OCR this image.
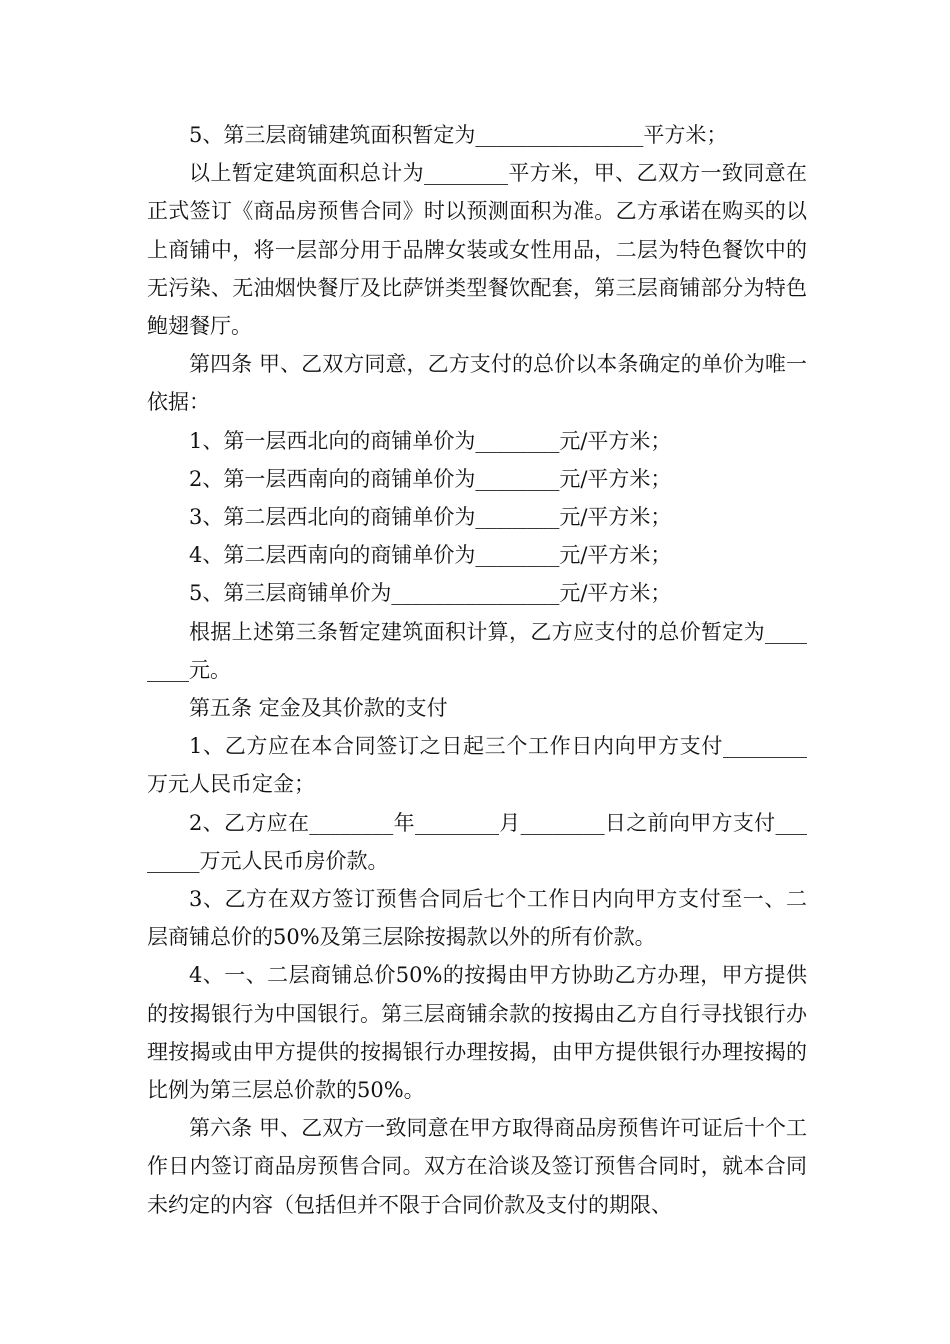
5、第三层商铺建筑面积暂定为________________平方米；

以上暂定建筑面积总计为________平方米，甲、乙双方一致同意在正式签订《商品房预售合同》时以预测面积为准。乙方承诺在购买的以上商铺中，将一层部分用于品牌女装或女性用品，二层为特色餐饮中的无污染、无油烟快餐厅及比萨饼类型餐饮配套，第三层商铺部分为特色鲍翅餐厅。

第四条 甲、乙双方同意，乙方支付的总价以本条确定的单价为唯一依据：

1、第一层西北向的商铺单价为________元/平方米；

2、第一层西南向的商铺单价为________元/平方米；

3、第二层西北向的商铺单价为________元/平方米；

4、第二层西南向的商铺单价为________元/平方米；

5、第三层商铺单价为________________元/平方米；

根据上述第三条暂定建筑面积计算，乙方应支付的总价暂定为________元。

第五条 定金及其价款的支付

1、乙方应在本合同签订之日起三个工作日内向甲方支付________万元人民币定金；

2、乙方应在________年________月________日之前向甲方支付________万元人民币房价款。

3、乙方在双方签订预售合同后七个工作日内向甲方支付至一、二层商铺总价的50%及第三层除按揭款以外的所有价款。

4、一、二层商铺总价50%的按揭由甲方协助乙方办理，甲方提供的按揭银行为中国银行。第三层商铺余款的按揭由乙方自行寻找银行办理按揭或由甲方提供的按揭银行办理按揭，由甲方提供银行办理按揭的比例为第三层总价款的50%。

第六条 甲、乙双方一致同意在甲方取得商品房预售许可证后十个工作日内签订商品房预售合同。双方在洽谈及签订预售合同时，就本合同未约定的内容（包括但并不限于合同价款及支付的期限、
